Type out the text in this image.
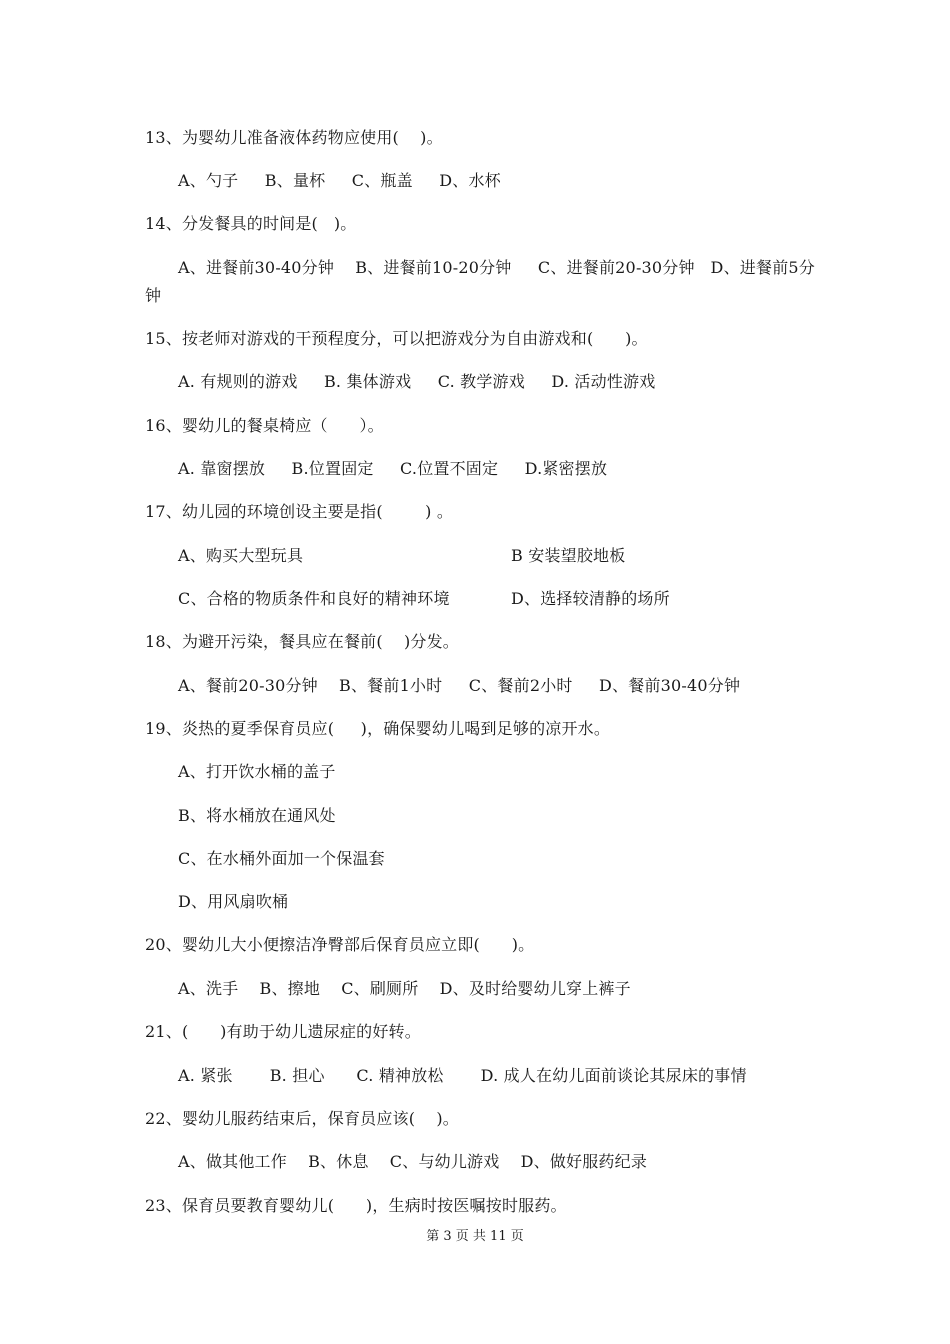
13、为婴幼儿准备液体药物应使用(    )。
A、勺子     B、量杯     C、瓶盖     D、水杯
14、分发餐具的时间是(   )。
A、进餐前30-40分钟    B、进餐前10-20分钟     C、进餐前20-30分钟   D、进餐前5分
钟
15、按老师对游戏的干预程度分，可以把游戏分为自由游戏和(      )。
A. 有规则的游戏     B. 集体游戏     C. 教学游戏     D. 活动性游戏
16、婴幼儿的餐桌椅应（      ）。
A. 靠窗摆放     B.位置固定     C.位置不固定     D.紧密摆放
17、幼儿园的环境创设主要是指(        ) 。
A、购买大型玩具	B 安装望胶地板
C、合格的物质条件和良好的精神环境	D、选择较清静的场所
18、为避开污染，餐具应在餐前(    )分发。
A、餐前20-30分钟    B、餐前1小时     C、餐前2小时     D、餐前30-40分钟
19、炎热的夏季保育员应(     )，确保婴幼儿喝到足够的凉开水。
A、打开饮水桶的盖子
B、将水桶放在通风处
C、在水桶外面加一个保温套
D、用风扇吹桶
20、婴幼儿大小便擦洁净臀部后保育员应立即(      )。
A、洗手    B、擦地    C、刷厕所    D、及时给婴幼儿穿上裤子
21、(      )有助于幼儿遗尿症的好转。
A. 紧张       B. 担心      C. 精神放松       D. 成人在幼儿面前谈论其尿床的事情
22、婴幼儿服药结束后，保育员应该(    )。
A、做其他工作    B、休息    C、与幼儿游戏    D、做好服药纪录
23、保育员要教育婴幼儿(      )，生病时按医嘱按时服药。
第 3 页 共 11 页
